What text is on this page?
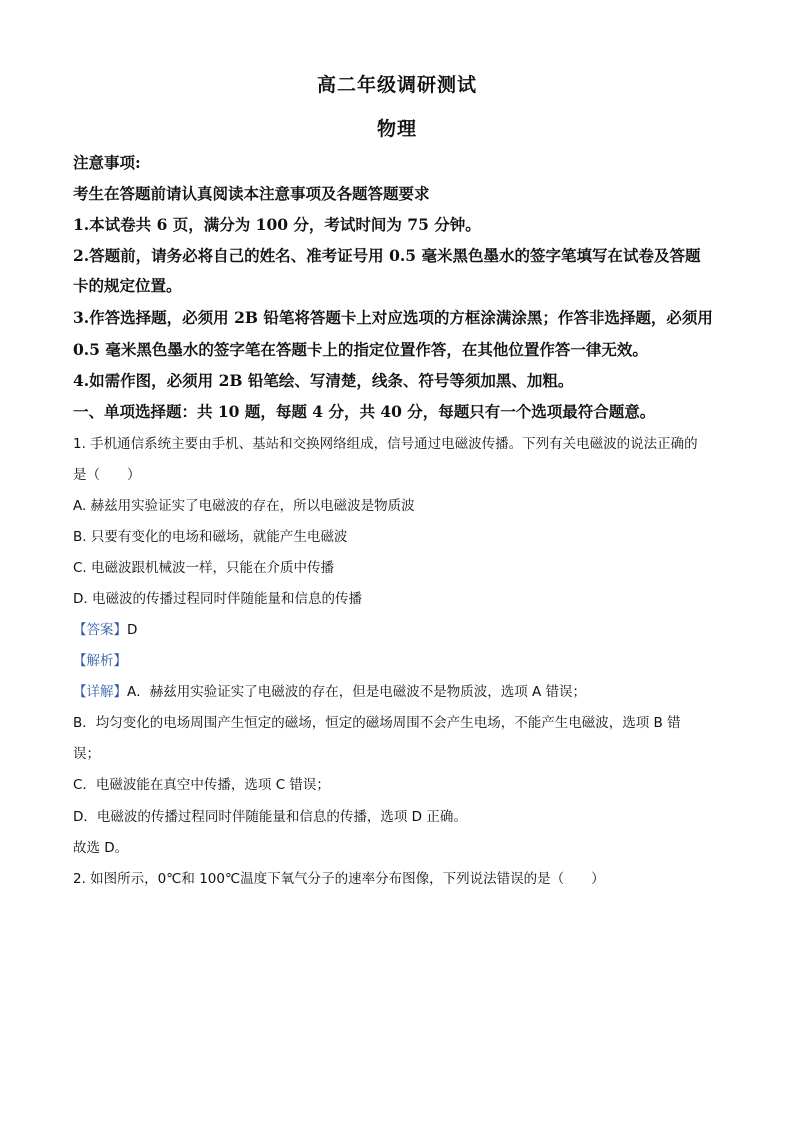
高二年级调研测试
物理
注意事项:
考生在答题前请认真阅读本注意事项及各题答题要求
1.本试卷共 6 页，满分为 100 分，考试时间为 75 分钟。
2.答题前，请务必将自己的姓名、准考证号用 0.5 毫米黑色墨水的签字笔填写在试卷及答题
卡的规定位置。
3.作答选择题，必须用 2B 铅笔将答题卡上对应选项的方框涂满涂黑；作答非选择题，必须用
0.5 毫米黑色墨水的签字笔在答题卡上的指定位置作答，在其他位置作答一律无效。
4.如需作图，必须用 2B 铅笔绘、写清楚，线条、符号等须加黑、加粗。
一、单项选择题：共 10 题，每题 4 分，共 40 分，每题只有一个选项最符合题意。
1. 手机通信系统主要由手机、基站和交换网络组成，信号通过电磁波传播。下列有关电磁波的说法正确的
是（　　）
A. 赫兹用实验证实了电磁波的存在，所以电磁波是物质波
B. 只要有变化的电场和磁场，就能产生电磁波
C. 电磁波跟机械波一样，只能在介质中传播
D. 电磁波的传播过程同时伴随能量和信息的传播
【答案】D
【解析】
【详解】A．赫兹用实验证实了电磁波的存在，但是电磁波不是物质波，选项 A 错误；
B．均匀变化的电场周围产生恒定的磁场，恒定的磁场周围不会产生电场，不能产生电磁波，选项 B 错
误；
C．电磁波能在真空中传播，选项 C 错误；
D．电磁波的传播过程同时伴随能量和信息的传播，选项 D 正确。
故选 D。
2. 如图所示，0℃和 100℃温度下氧气分子的速率分布图像，下列说法错误的是（　　）
